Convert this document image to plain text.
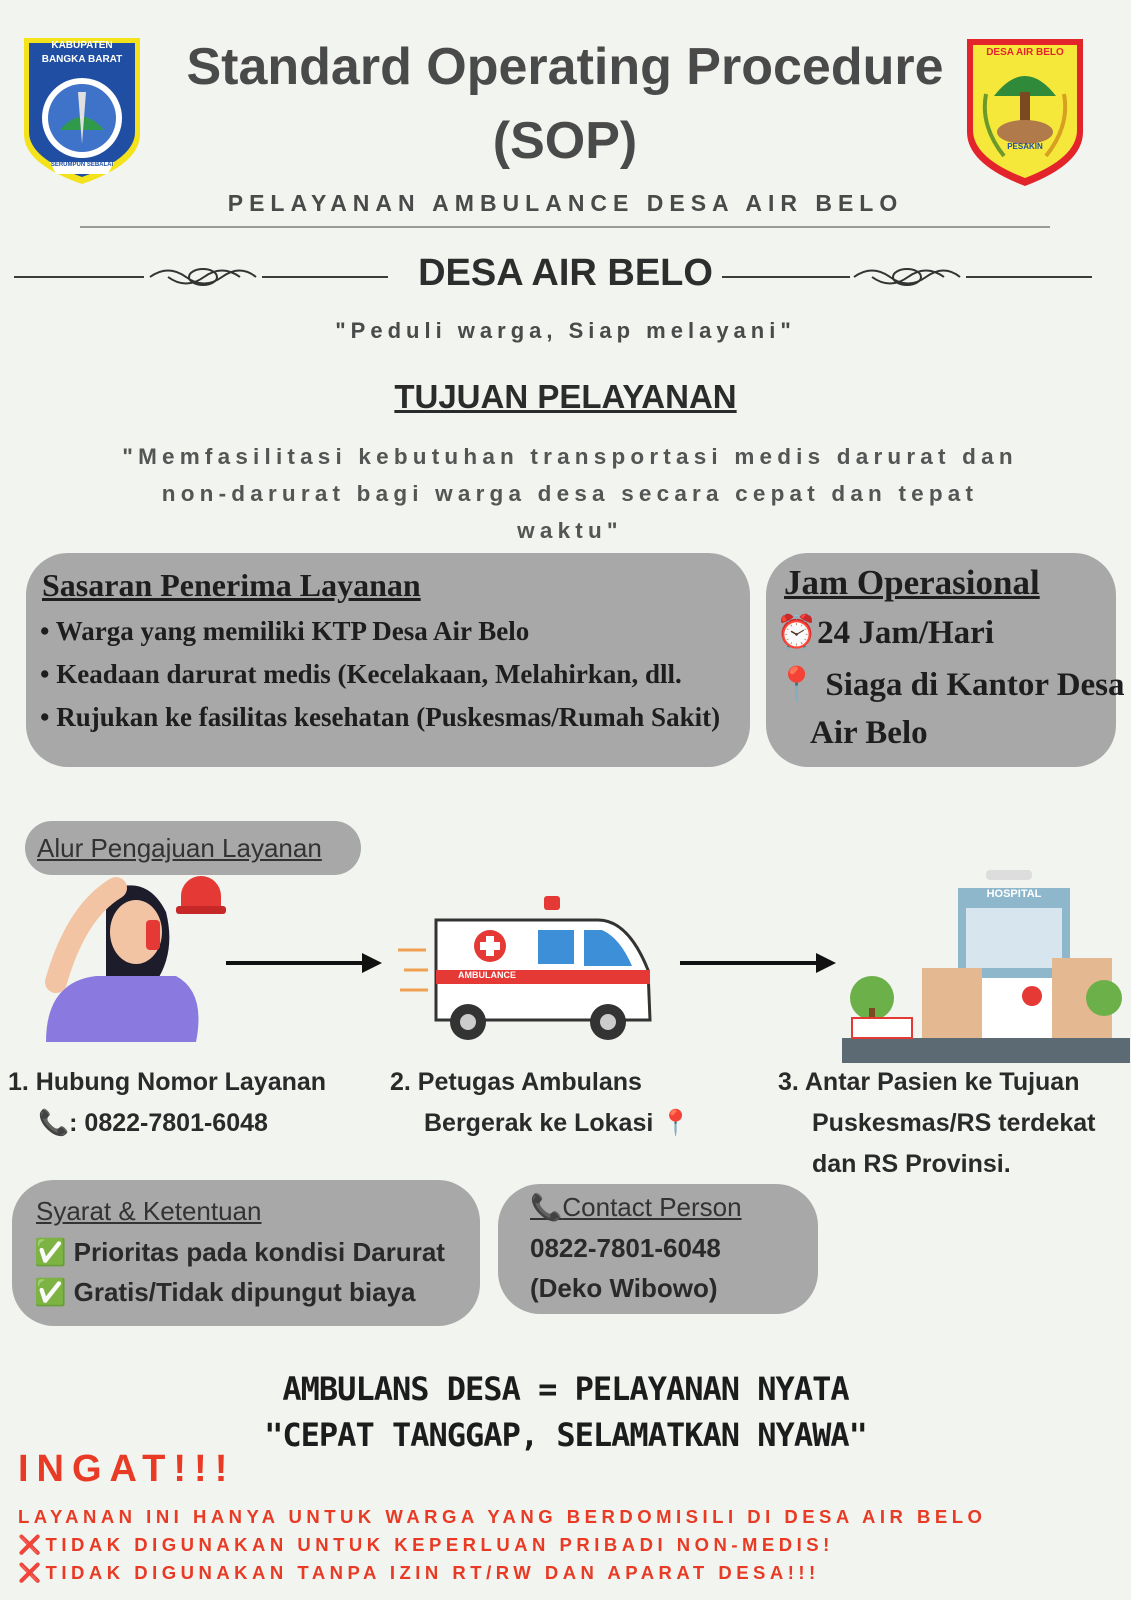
KABUPATEN
BANGKA BARAT
SERUMPUN SEBALAI
DESA AIR BELO
PESAKIN
Standard Operating Procedure
(SOP)
PELAYANAN AMBULANCE DESA AIR BELO
DESA AIR BELO
"Peduli warga, Siap melayani"
TUJUAN PELAYANAN
"Memfasilitasi kebutuhan transportasi medis darurat dan non-darurat bagi warga desa secara cepat dan tepat waktu"
Sasaran Penerima Layanan
• Warga yang memiliki KTP Desa Air Belo
• Keadaan darurat medis (Kecelakaan, Melahirkan, dll.
• Rujukan ke fasilitas kesehatan (Puskesmas/Rumah Sakit)
Jam Operasional
⏰24 Jam/Hari
📍 Siaga di Kantor Desa
Air Belo
Alur Pengajuan Layanan
AMBULANCE
HOSPITAL
1. Hubung Nomor Layanan
📞: 0822-7801-6048
2. Petugas Ambulans
Bergerak ke Lokasi 📍
3. Antar Pasien ke Tujuan
Puskesmas/RS terdekat
dan RS Provinsi.
Syarat & Ketentuan
✅ Prioritas pada kondisi Darurat
✅ Gratis/Tidak dipungut biaya
📞Contact Person
0822-7801-6048
(Deko Wibowo)
AMBULANS DESA = PELAYANAN NYATA
"CEPAT TANGGAP, SELAMATKAN NYAWA"
INGAT!!!
LAYANAN INI HANYA UNTUK WARGA YANG BERDOMISILI DI DESA AIR BELO
❌TIDAK DIGUNAKAN UNTUK KEPERLUAN PRIBADI NON-MEDIS!
❌TIDAK DIGUNAKAN TANPA IZIN RT/RW DAN APARAT DESA!!!
